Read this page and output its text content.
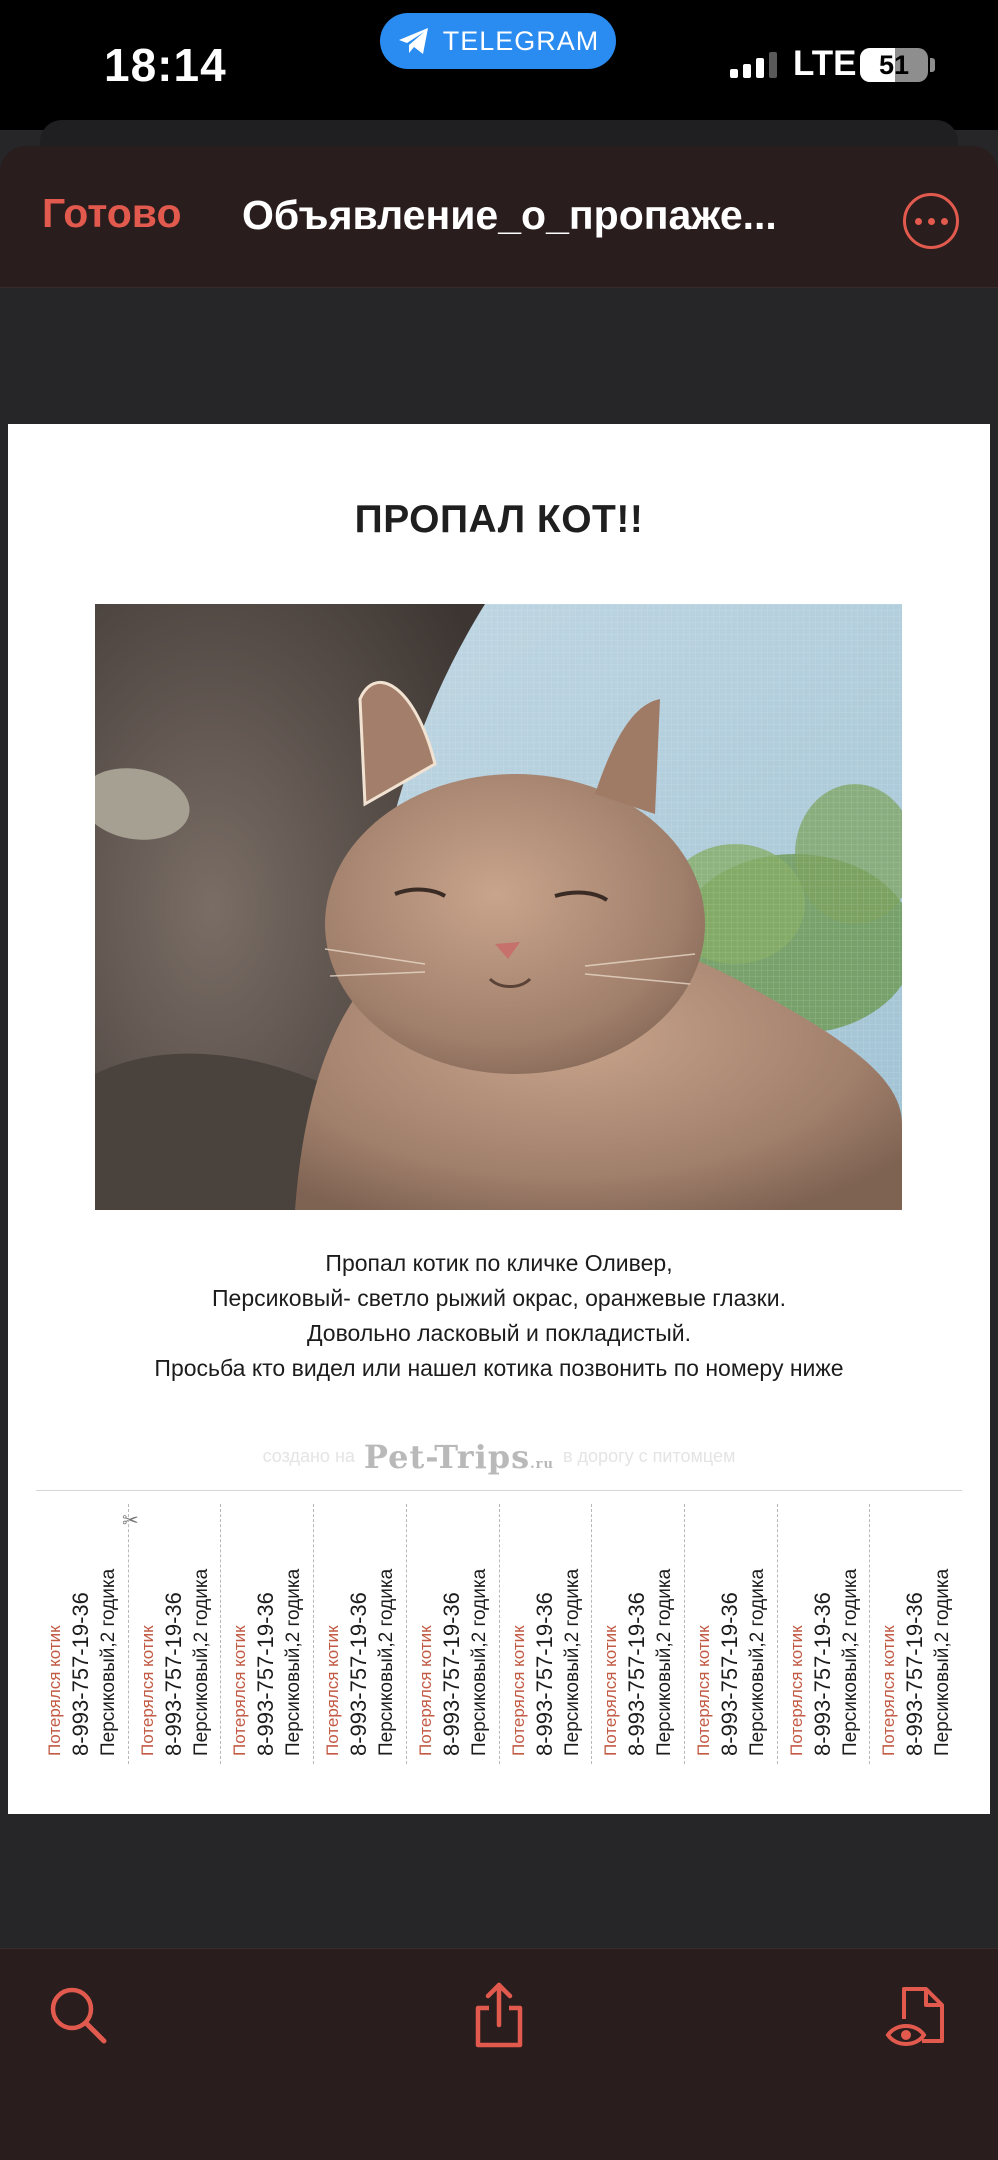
18:14	TELEGRAM
LTE 51
Готово Объявление_о_пропаже...
ПРОПАЛ КОТ!!
Пропал котик по кличке Оливер,
Персиковый- светло рыжий окрас, оранжевые глазки.
Довольно ласковый и покладистый.
Просьба кто видел или нашел котика позвонить по номеру ниже
создано на Pet-Trips.ru в дорогу с питомцем
Потерялся котик 8-993-757-19-36 Персиковый,2 годика
✂
Потерялся котик 8-993-757-19-36 Персиковый,2 годика Потерялся котик 8-993-757-19-36 Персиковый,2 годика Потерялся котик 8-993-757-19-36 Персиковый,2 годика Потерялся котик 8-993-757-19-36 Персиковый,2 годика Потерялся котик 8-993-757-19-36 Персиковый,2 годика Потерялся котик 8-993-757-19-36 Персиковый,2 годика Потерялся котик 8-993-757-19-36 Персиковый,2 годика Потерялся котик 8-993-757-19-36 Персиковый,2 годика Потерялся котик 8-993-757-19-36 Персиковый,2 годика
